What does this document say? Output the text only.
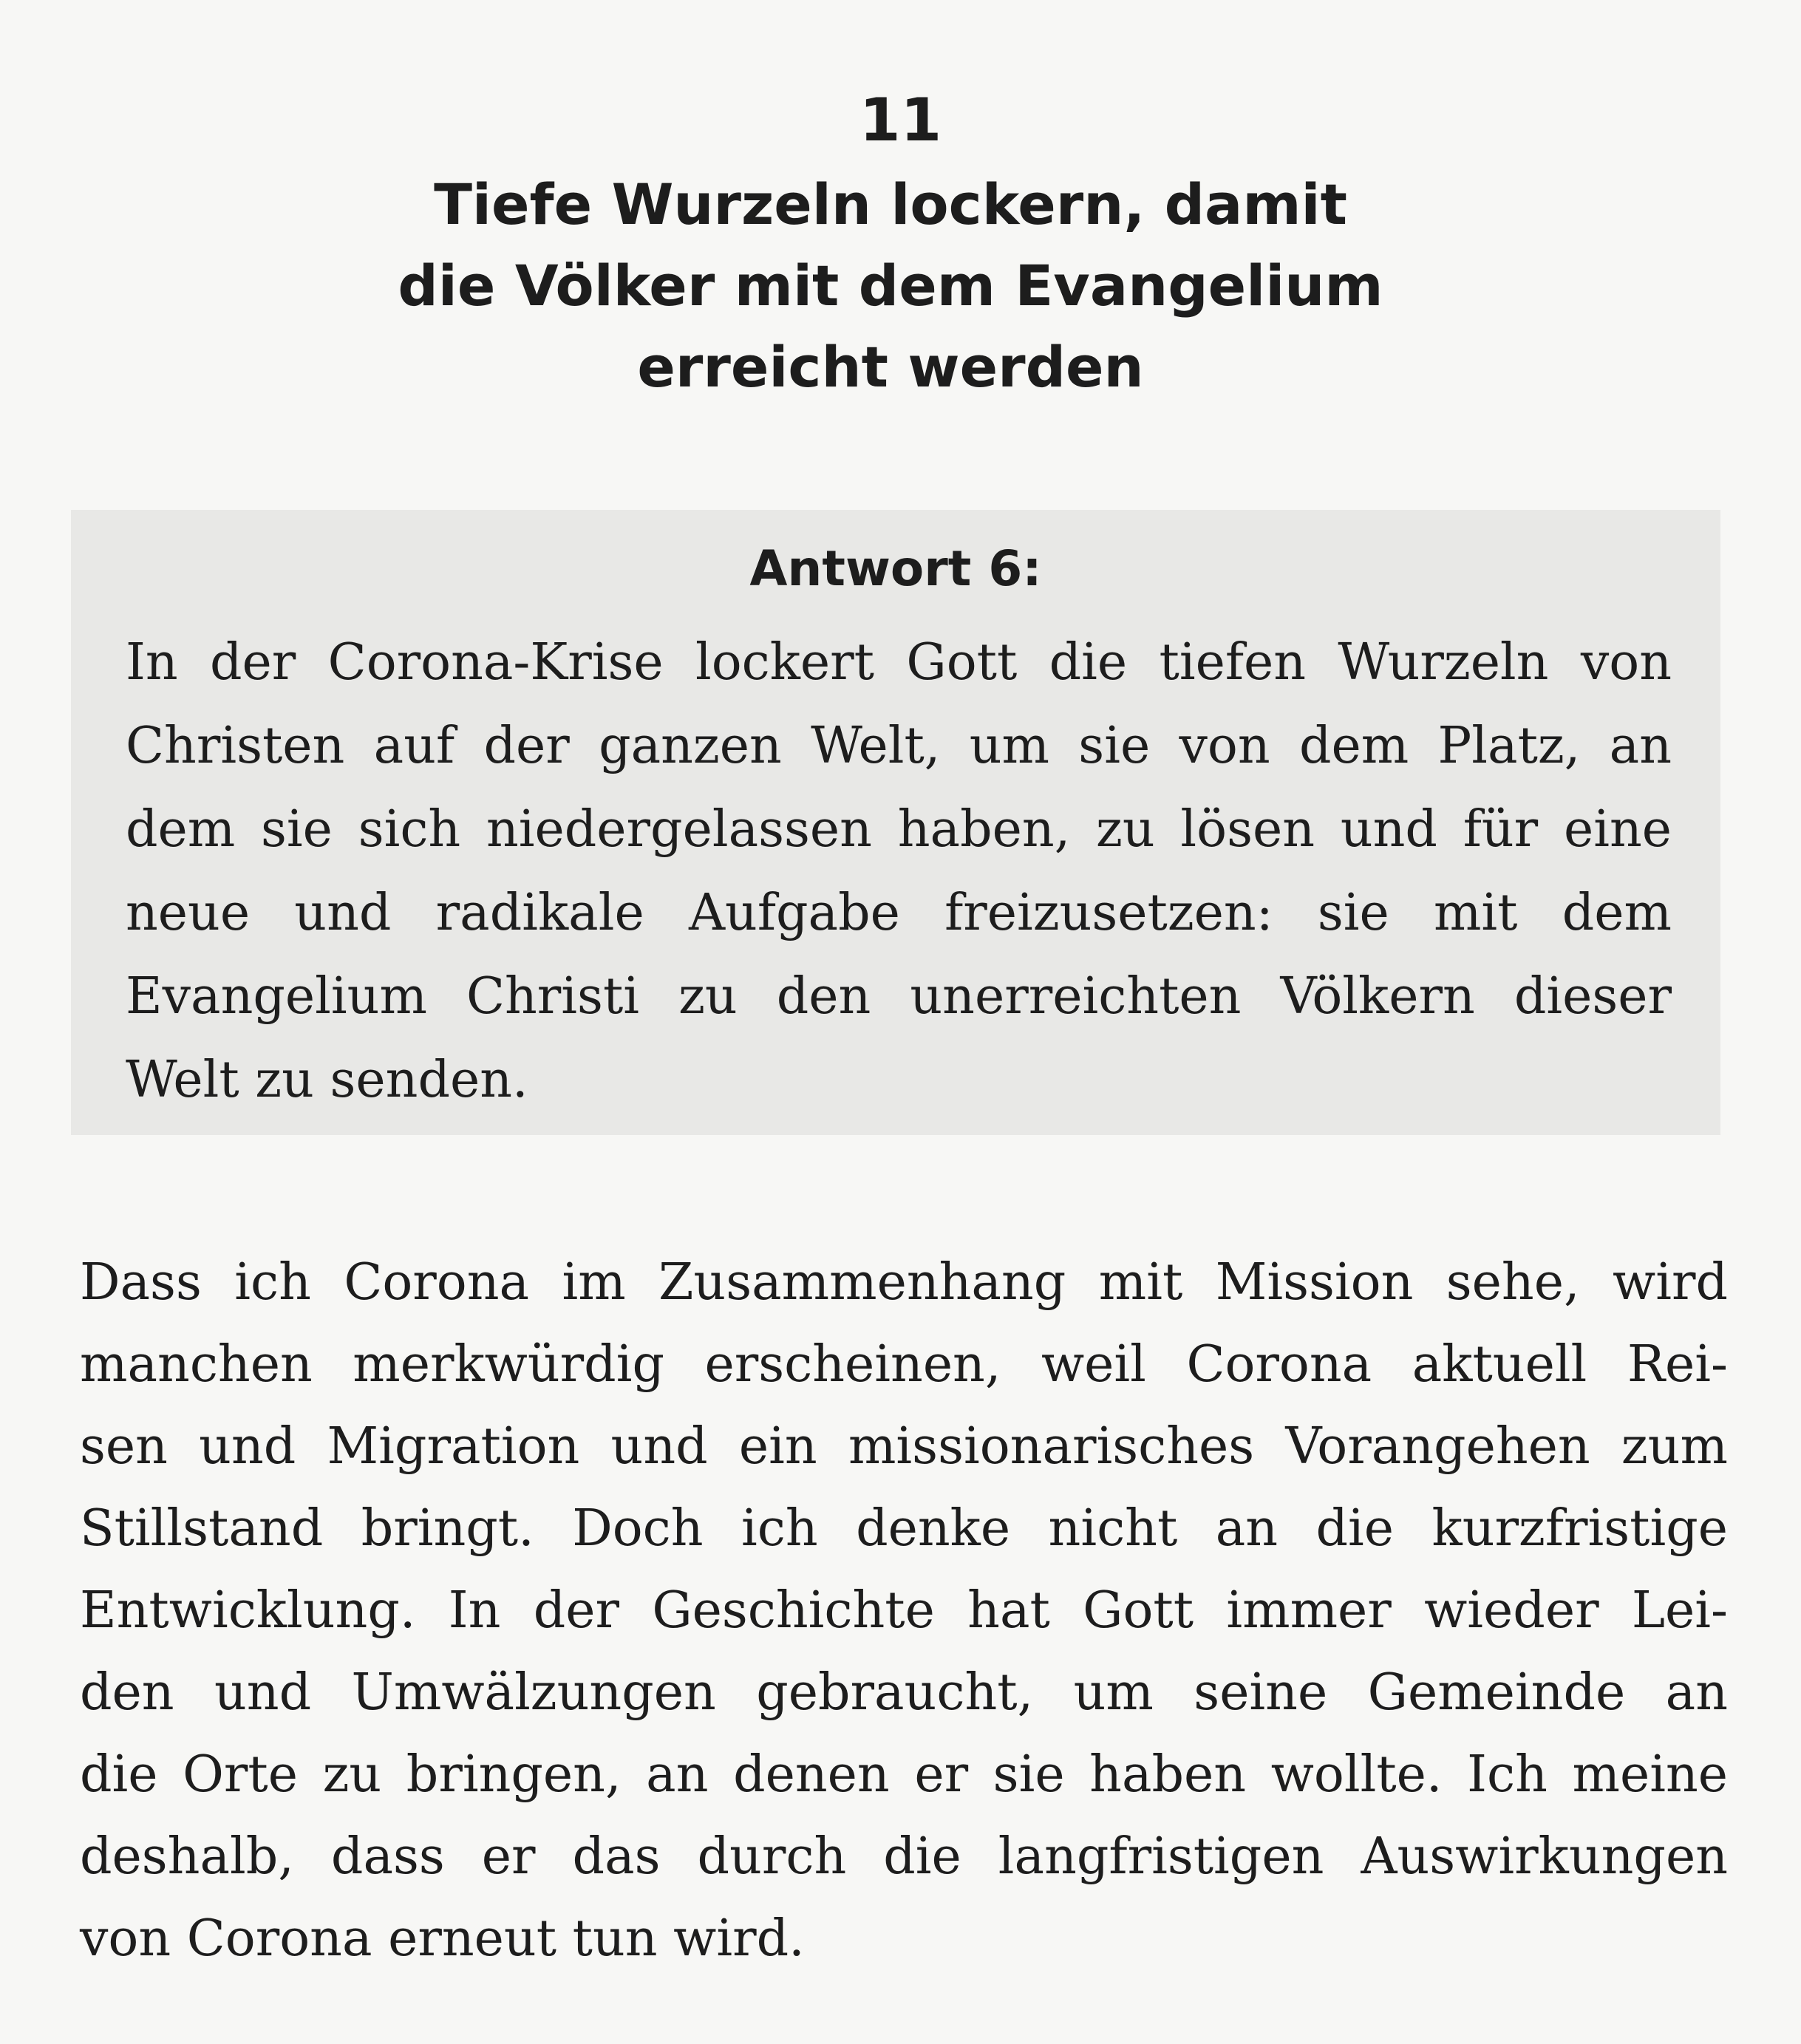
11
Tiefe Wurzeln lockern, damit
die Völker mit dem Evangelium
erreicht werden
Antwort 6:

In der Corona-Krise lockert Gott die tiefen Wurzeln von
Christen auf der ganzen Welt, um sie von dem Platz, an
dem sie sich niedergelassen haben, zu lösen und für eine
neue und radikale Aufgabe freizusetzen: sie mit dem
Evangelium Christi zu den unerreichten Völkern dieser
Welt zu senden.

Dass ich Corona im Zusammenhang mit Mission sehe, wird
manchen merkwürdig erscheinen, weil Corona aktuell Rei-
sen und Migration und ein missionarisches Vorangehen zum
Stillstand bringt. Doch ich denke nicht an die kurzfristige
Entwicklung. In der Geschichte hat Gott immer wieder Lei-
den und Umwälzungen gebraucht, um seine Gemeinde an
die Orte zu bringen, an denen er sie haben wollte. Ich meine
deshalb, dass er das durch die langfristigen Auswirkungen
von Corona erneut tun wird.
